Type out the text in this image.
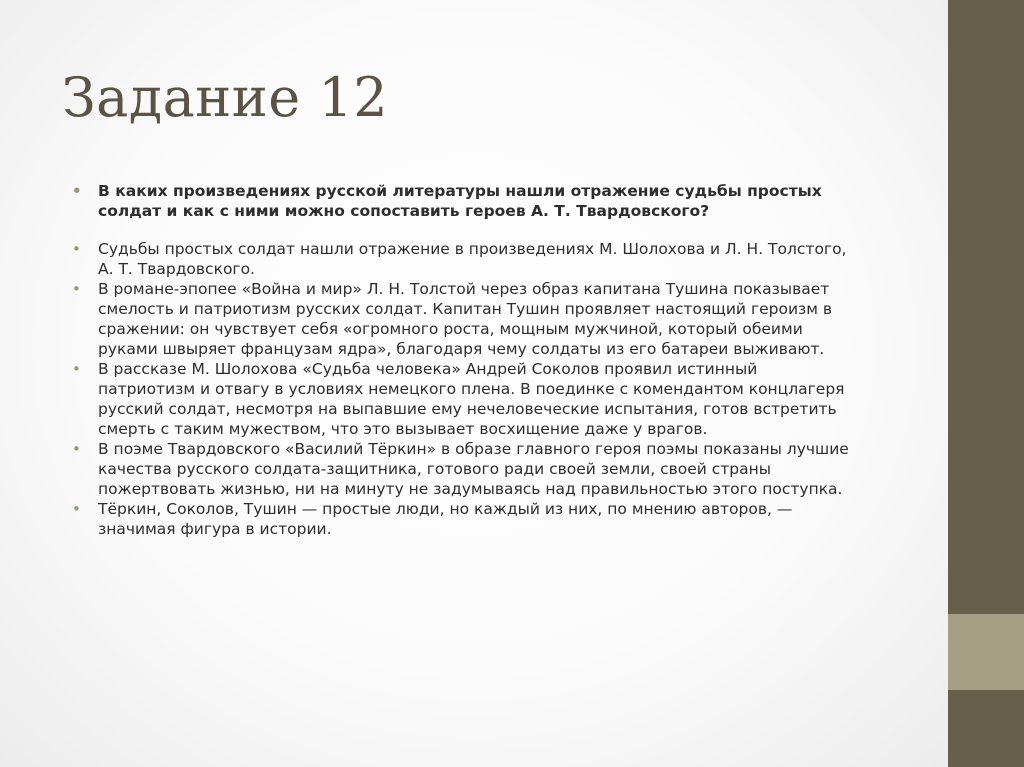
Задание 12
• В каких произведениях русской литературы нашли отражение судьбы простых солдат и как с ними можно сопоставить героев А. Т. Твардовского?
• Судьбы простых солдат нашли отражение в произведениях М. Шолохова и Л. Н. Толстого, А. Т. Твардовского.
• В романе-эпопее «Война и мир» Л. Н. Толстой через образ капитана Тушина показывает смелость и патриотизм русских солдат. Капитан Тушин проявляет настоящий героизм в сражении: он чувствует себя «огромного роста, мощным мужчиной, который обеими руками швыряет французам ядра», благодаря чему солдаты из его батареи выживают.
• В рассказе М. Шолохова «Судьба человека» Андрей Соколов проявил истинный патриотизм и отвагу в условиях немецкого плена. В поединке с комендантом концлагеря русский солдат, несмотря на выпавшие ему нечеловеческие испытания, готов встретить смерть с таким мужеством, что это вызывает восхищение даже у врагов.
• В поэме Твардовского «Василий Тёркин» в образе главного героя поэмы показаны лучшие качества русского солдата-защитника, готового ради своей земли, своей страны пожертвовать жизнью, ни на минуту не задумываясь над правильностью этого поступка.
• Тёркин, Соколов, Тушин — простые люди, но каждый из них, по мнению авторов, — значимая фигура в истории.
